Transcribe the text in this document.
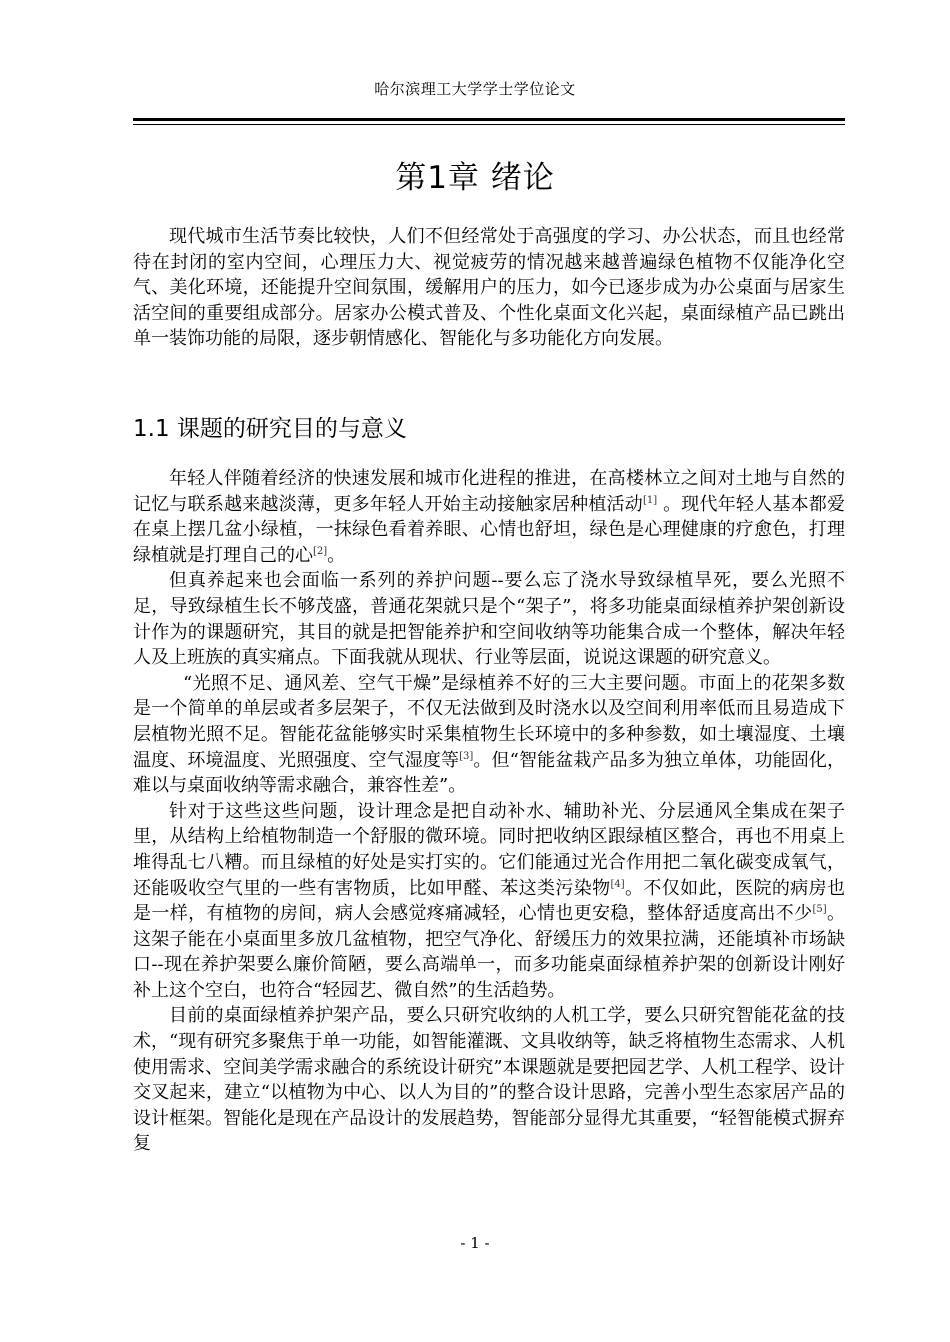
哈尔滨理工大学学士学位论文
第1章 绪论

现代城市生活节奏比较快，人们不但经常处于高强度的学习、办公状态，而且也经常待在封闭的室内空间，心理压力大、视觉疲劳的情况越来越普遍绿色植物不仅能净化空气、美化环境，还能提升空间氛围，缓解用户的压力，如今已逐步成为办公桌面与居家生活空间的重要组成部分。居家办公模式普及、个性化桌面文化兴起，桌面绿植产品已跳出单一装饰功能的局限，逐步朝情感化、智能化与多功能化方向发展。

1.1 课题的研究目的与意义

年轻人伴随着经济的快速发展和城市化进程的推进，在高楼林立之间对土地与自然的记忆与联系越来越淡薄，更多年轻人开始主动接触家居种植活动[1] 。现代年轻人基本都爱在桌上摆几盆小绿植，一抹绿色看着养眼、心情也舒坦，绿色是心理健康的疗愈色，打理绿植就是打理自己的心[2]。

但真养起来也会面临一系列的养护问题--要么忘了浇水导致绿植旱死，要么光照不足，导致绿植生长不够茂盛，普通花架就只是个“架子”，将多功能桌面绿植养护架创新设计作为的课题研究，其目的就是把智能养护和空间收纳等功能集合成一个整体，解决年轻人及上班族的真实痛点。下面我就从现状、行业等层面，说说这课题的研究意义。

“光照不足、通风差、空气干燥”是绿植养不好的三大主要问题。市面上的花架多数是一个简单的单层或者多层架子，不仅无法做到及时浇水以及空间利用率低而且易造成下层植物光照不足。智能花盆能够实时采集植物生长环境中的多种参数，如土壤湿度、土壤温度、环境温度、光照强度、空气湿度等[3]。但“智能盆栽产品多为独立单体，功能固化，难以与桌面收纳等需求融合，兼容性差”。

针对于这些这些问题，设计理念是把自动补水、辅助补光、分层通风全集成在架子里，从结构上给植物制造一个舒服的微环境。同时把收纳区跟绿植区整合，再也不用桌上堆得乱七八糟。而且绿植的好处是实打实的。它们能通过光合作用把二氧化碳变成氧气，还能吸收空气里的一些有害物质，比如甲醛、苯这类污染物[4]。不仅如此，医院的病房也是一样，有植物的房间，病人会感觉疼痛减轻，心情也更安稳，整体舒适度高出不少[5]。这架子能在小桌面里多放几盆植物，把空气净化、舒缓压力的效果拉满，还能填补市场缺口--现在养护架要么廉价简陋，要么高端单一，而多功能桌面绿植养护架的创新设计刚好补上这个空白，也符合“轻园艺、微自然”的生活趋势。

目前的桌面绿植养护架产品，要么只研究收纳的人机工学，要么只研究智能花盆的技术，“现有研究多聚焦于单一功能，如智能灌溉、文具收纳等，缺乏将植物生态需求、人机使用需求、空间美学需求融合的系统设计研究”本课题就是要把园艺学、人机工程学、设计交叉起来，建立“以植物为中心、以人为目的”的整合设计思路，完善小型生态家居产品的设计框架。智能化是现在产品设计的发展趋势，智能部分显得尤其重要，“轻智能模式摒弃复

- 1 -
